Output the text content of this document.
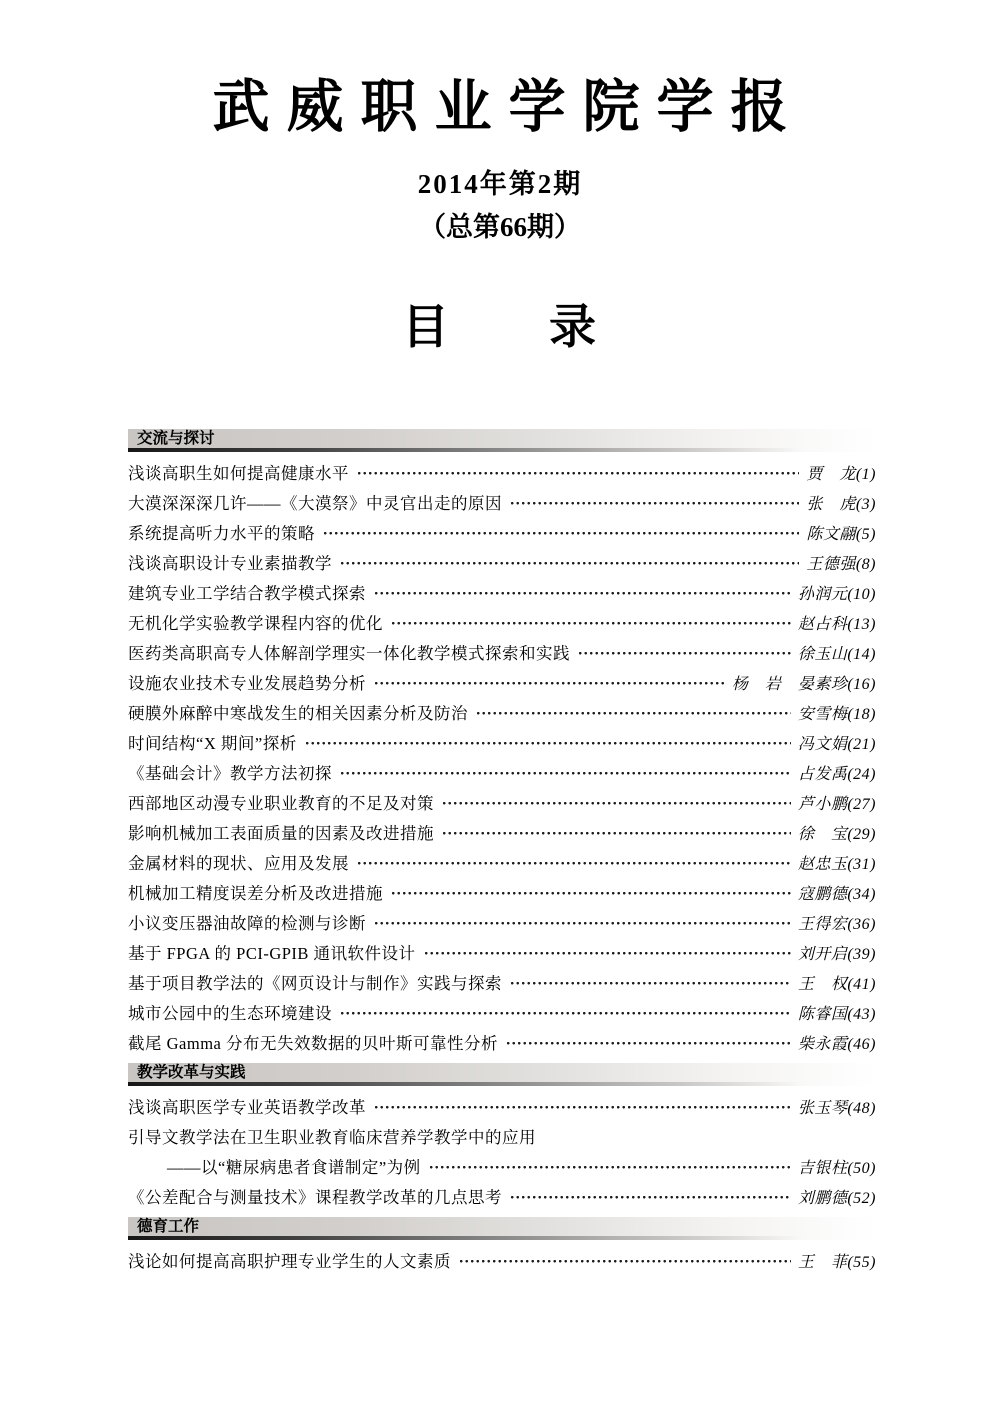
武威职业学院学报
2014年第2期
（总第66期）
目　　录
交流与探讨
浅谈高职生如何提高健康水平	贾　龙(1)
大漠深深深几许——《大漠祭》中灵官出走的原因	张　虎(3)
系统提高听力水平的策略	陈文翮(5)
浅谈高职设计专业素描教学	王德强(8)
建筑专业工学结合教学模式探索	孙润元(10)
无机化学实验教学课程内容的优化	赵占科(13)
医药类高职高专人体解剖学理实一体化教学模式探索和实践	徐玉山(14)
设施农业技术专业发展趋势分析	杨　岩　晏素珍(16)
硬膜外麻醉中寒战发生的相关因素分析及防治	安雪梅(18)
时间结构“X 期间”探析	冯文娟(21)
《基础会计》教学方法初探	占发禹(24)
西部地区动漫专业职业教育的不足及对策	芦小鹏(27)
影响机械加工表面质量的因素及改进措施	徐　宝(29)
金属材料的现状、应用及发展	赵忠玉(31)
机械加工精度误差分析及改进措施	寇鹏德(34)
小议变压器油故障的检测与诊断	王得宏(36)
基于 FPGA 的 PCI-GPIB 通讯软件设计	刘开启(39)
基于项目教学法的《网页设计与制作》实践与探索	王　权(41)
城市公园中的生态环境建设	陈睿国(43)
截尾 Gamma 分布无失效数据的贝叶斯可靠性分析	柴永霞(46)
教学改革与实践
浅谈高职医学专业英语教学改革	张玉琴(48)
引导文教学法在卫生职业教育临床营养学教学中的应用
——以“糖尿病患者食谱制定”为例	吉银柱(50)
《公差配合与测量技术》课程教学改革的几点思考	刘鹏德(52)
德育工作
浅论如何提高高职护理专业学生的人文素质	王　菲(55)
